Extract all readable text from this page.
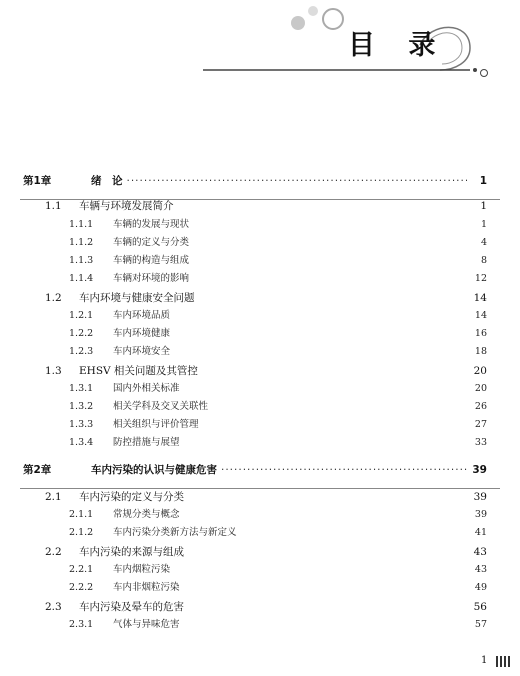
目 录
第1章	绪　论 ·····	1
1.1	车辆与环境发展简介	1
1.1.1	车辆的发展与现状	1
1.1.2	车辆的定义与分类	4
1.1.3	车辆的构造与组成	8
1.1.4	车辆对环境的影响	12
1.2	车内环境与健康安全问题	14
1.2.1	车内环境品质	14
1.2.2	车内环境健康	16
1.2.3	车内环境安全	18
1.3	EHSV 相关问题及其管控	20
1.3.1	国内外相关标准	20
1.3.2	相关学科及交叉关联性	26
1.3.3	相关组织与评价管理	27
1.3.4	防控措施与展望	33
第2章	车内污染的认识与健康危害 ·····	39
2.1	车内污染的定义与分类	39
2.1.1	常规分类与概念	39
2.1.2	车内污染分类新方法与新定义	41
2.2	车内污染的来源与组成	43
2.2.1	车内烟粒污染	43
2.2.2	车内非烟粒污染	49
2.3	车内污染及晕车的危害	56
2.3.1	气体与异味危害	57
1
